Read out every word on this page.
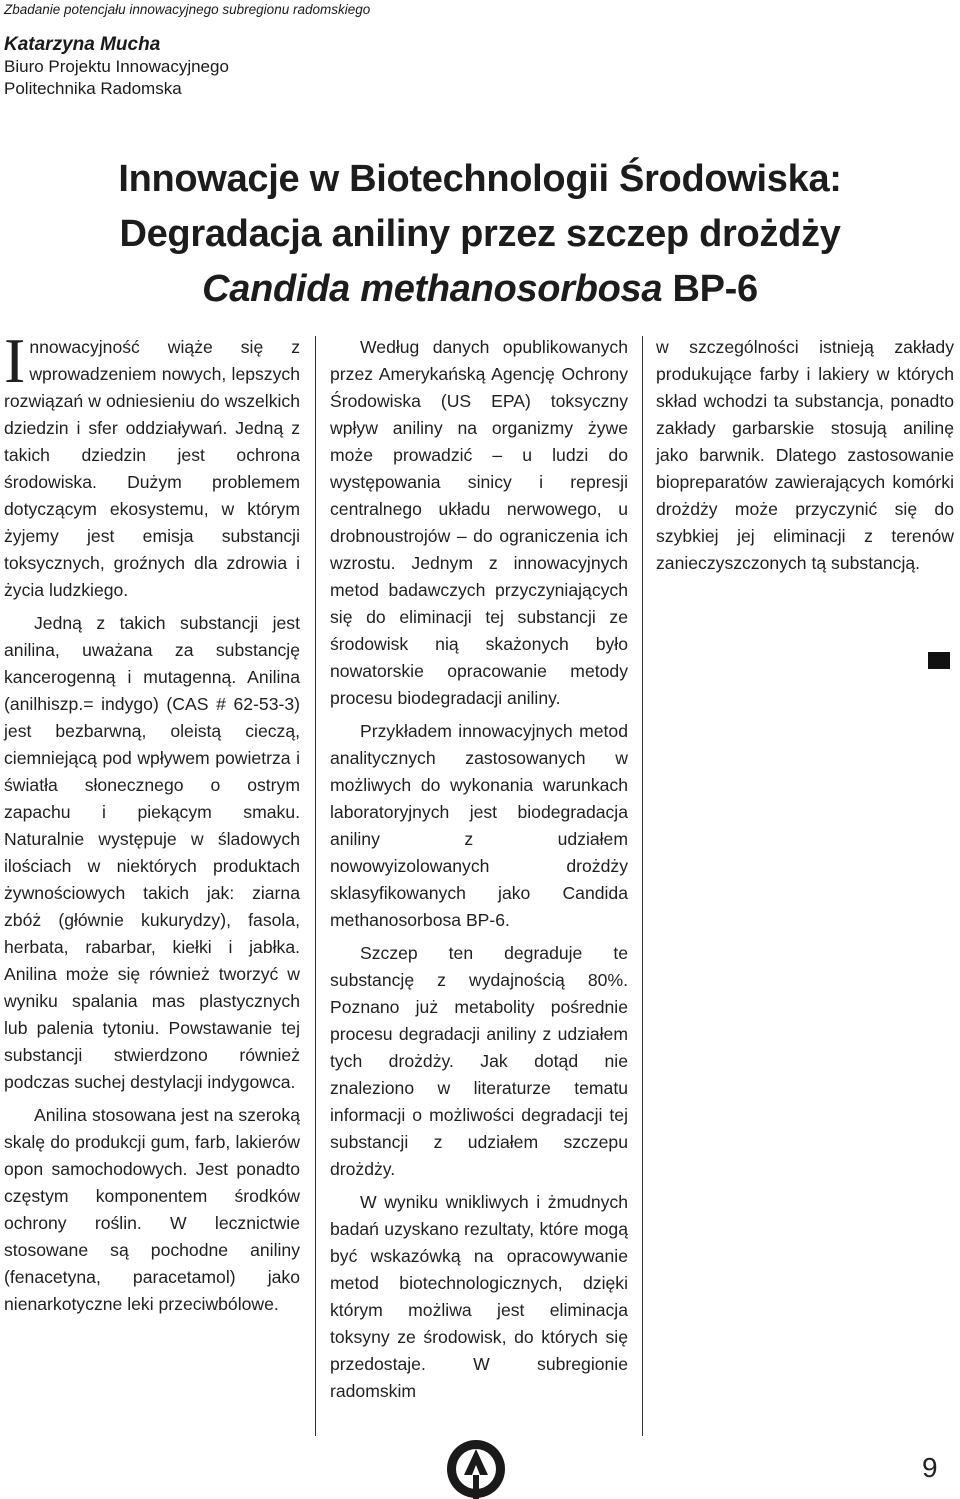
Zbadanie potencjału innowacyjnego subregionu radomskiego
Katarzyna Mucha
Biuro Projektu Innowacyjnego
Politechnika Radomska
Innowacje w Biotechnologii Środowiska:
Degradacja aniliny przez szczep drożdży
Candida methanosorbosa BP-6

Innowacyjność wiąże się z wprowadzeniem nowych, lepszych rozwiązań w odniesieniu do wszelkich dziedzin i sfer oddziaływań. Jedną z takich dziedzin jest ochrona środowiska. Dużym problemem dotyczącym ekosystemu, w którym żyjemy jest emisja substancji toksycznych, groźnych dla zdrowia i życia ludzkiego.

Jedną z takich substancji jest anilina, uważana za substancję kancerogenną i mutagenną. Anilina (anilhiszp.= indygo) (CAS # 62-53-3) jest bezbarwną, oleistą cieczą, ciemniejącą pod wpływem powietrza i światła słonecznego o ostrym zapachu i piekącym smaku. Naturalnie występuje w śladowych ilościach w niektórych produktach żywnościowych takich jak: ziarna zbóż (głównie kukurydzy), fasola, herbata, rabarbar, kiełki i jabłka. Anilina może się również tworzyć w wyniku spalania mas plastycznych lub palenia tytoniu. Powstawanie tej substancji stwierdzono również podczas suchej destylacji indygowca.

Anilina stosowana jest na szeroką skalę do produkcji gum, farb, lakierów opon samochodowych. Jest ponadto częstym komponentem środków ochrony roślin. W lecznictwie stosowane są pochodne aniliny (fenacetyna, paracetamol) jako nienarkotyczne leki przeciwbólowe.

Według danych opublikowanych przez Amerykańską Agencję Ochrony Środowiska (US EPA) toksyczny wpływ aniliny na organizmy żywe może prowadzić – u ludzi do występowania sinicy i represji centralnego układu nerwowego, u drobnoustrojów – do ograniczenia ich wzrostu. Jednym z innowacyjnych metod badawczych przyczyniających się do eliminacji tej substancji ze środowisk nią skażonych było nowatorskie opracowanie metody procesu biodegradacji aniliny.

Przykładem innowacyjnych metod analitycznych zastosowanych w możliwych do wykonania warunkach laboratoryjnych jest biodegradacja aniliny z udziałem nowowyizolowanych drożdży sklasyfikowanych jako Candida methanosorbosa BP-6.

Szczep ten degraduje te substancję z wydajnością 80%. Poznano już metabolity pośrednie procesu degradacji aniliny z udziałem tych drożdży. Jak dotąd nie znaleziono w literaturze tematu informacji o możliwości degradacji tej substancji z udziałem szczepu drożdży.

W wyniku wnikliwych i żmudnych badań uzyskano rezultaty, które mogą być wskazówką na opracowywanie metod biotechnologicznych, dzięki którym możliwa jest eliminacja toksyny ze środowisk, do których się przedostaje. W subregionie radomskim

w szczególności istnieją zakłady produkujące farby i lakiery w których skład wchodzi ta substancja, ponadto zakłady garbarskie stosują anilinę jako barwnik. Dlatego zastosowanie biopreparatów zawierających komórki drożdży może przyczynić się do szybkiej jej eliminacji z terenów zanieczyszczonych tą substancją.

9
